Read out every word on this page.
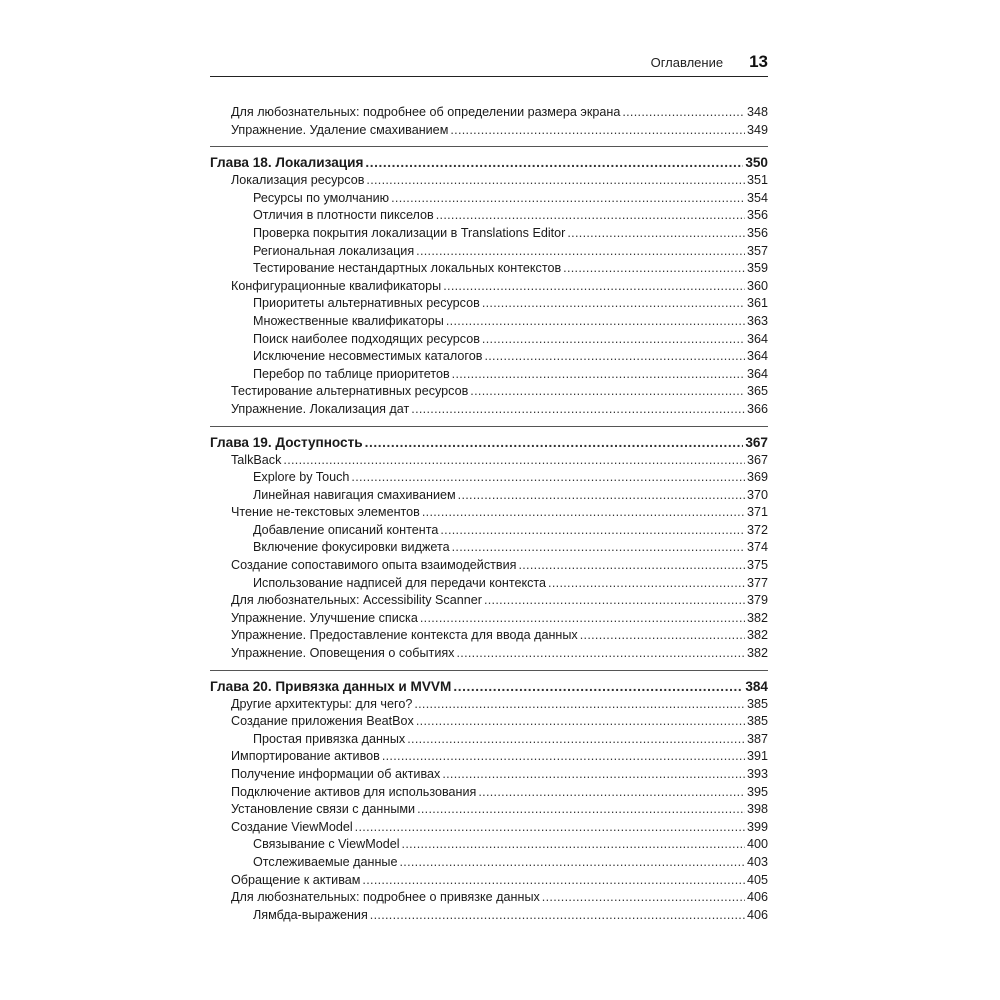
Оглавление 13
Для любознательных: подробнее об определении размера экрана .....	348
Упражнение. Удаление смахиванием .....	349
Глава 18. Локализация .....	350
Локализация ресурсов .....	351
Ресурсы по умолчанию .....	354
Отличия в плотности пикселов .....	356
Проверка покрытия локализации в Translations Editor .....	356
Региональная локализация .....	357
Тестирование нестандартных локальных контекстов .....	359
Конфигурационные квалификаторы .....	360
Приоритеты альтернативных ресурсов .....	361
Множественные квалификаторы .....	363
Поиск наиболее подходящих ресурсов .....	364
Исключение несовместимых каталогов .....	364
Перебор по таблице приоритетов .....	364
Тестирование альтернативных ресурсов .....	365
Упражнение. Локализация дат .....	366
Глава 19. Доступность .....	367
TalkBack .....	367
Explore by Touch .....	369
Линейная навигация смахиванием .....	370
Чтение не-текстовых элементов .....	371
Добавление описаний контента .....	372
Включение фокусировки виджета .....	374
Создание сопоставимого опыта взаимодействия .....	375
Использование надписей для передачи контекста .....	377
Для любознательных: Accessibility Scanner .....	379
Упражнение. Улучшение списка .....	382
Упражнение. Предоставление контекста для ввода данных .....	382
Упражнение. Оповещения о событиях .....	382
Глава 20. Привязка данных и MVVM .....	384
Другие архитектуры: для чего? .....	385
Создание приложения BeatBox .....	385
Простая привязка данных .....	387
Импортирование активов .....	391
Получение информации об активах .....	393
Подключение активов для использования .....	395
Установление связи с данными .....	398
Создание ViewModel .....	399
Связывание с ViewModel .....	400
Отслеживаемые данные .....	403
Обращение к активам .....	405
Для любознательных: подробнее о привязке данных .....	406
Лямбда-выражения .....	406
